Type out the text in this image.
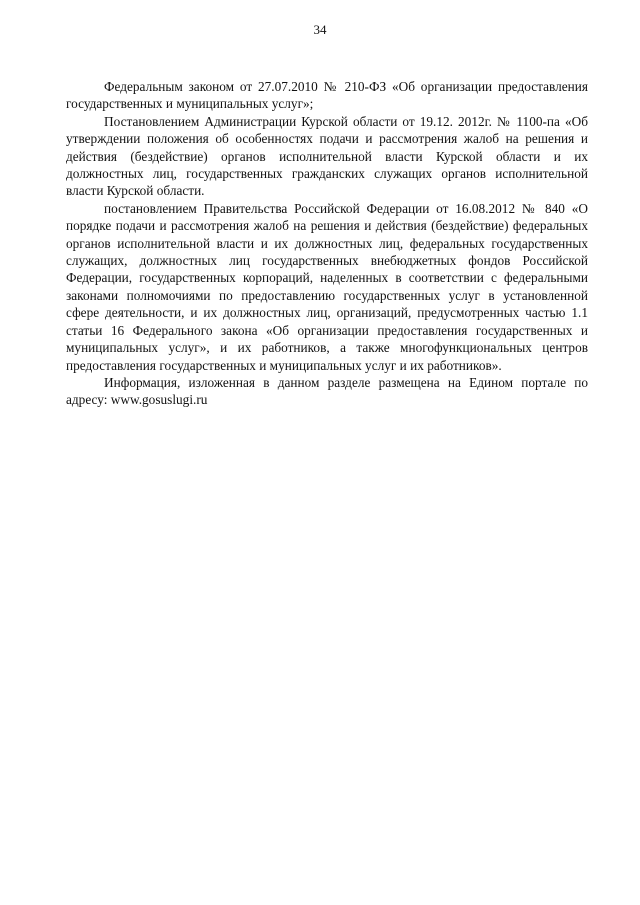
34

Федеральным законом от 27.07.2010 № 210-ФЗ «Об организации предоставления государственных и муниципальных услуг»;

Постановлением Администрации Курской области от 19.12. 2012г. № 1100-па «Об утверждении положения об особенностях подачи и рассмотрения жалоб на решения и действия (бездействие) органов исполнительной власти Курской области и их должностных лиц, государственных гражданских служащих органов исполнительной власти Курской области.

постановлением Правительства Российской Федерации от 16.08.2012 № 840 «О порядке подачи и рассмотрения жалоб на решения и действия (бездействие) федеральных органов исполнительной власти и их должностных лиц, федеральных государственных служащих, должностных лиц государственных внебюджетных фондов Российской Федерации, государственных корпораций, наделенных в соответствии с федеральными законами полномочиями по предоставлению государственных услуг в установленной сфере деятельности, и их должностных лиц, организаций, предусмотренных частью 1.1 статьи 16 Федерального закона «Об организации предоставления государственных и муниципальных услуг», и их работников, а также многофункциональных центров предоставления государственных и муниципальных услуг и их работников».

Информация, изложенная в данном разделе размещена на Едином портале по адресу: www.gosuslugi.ru
